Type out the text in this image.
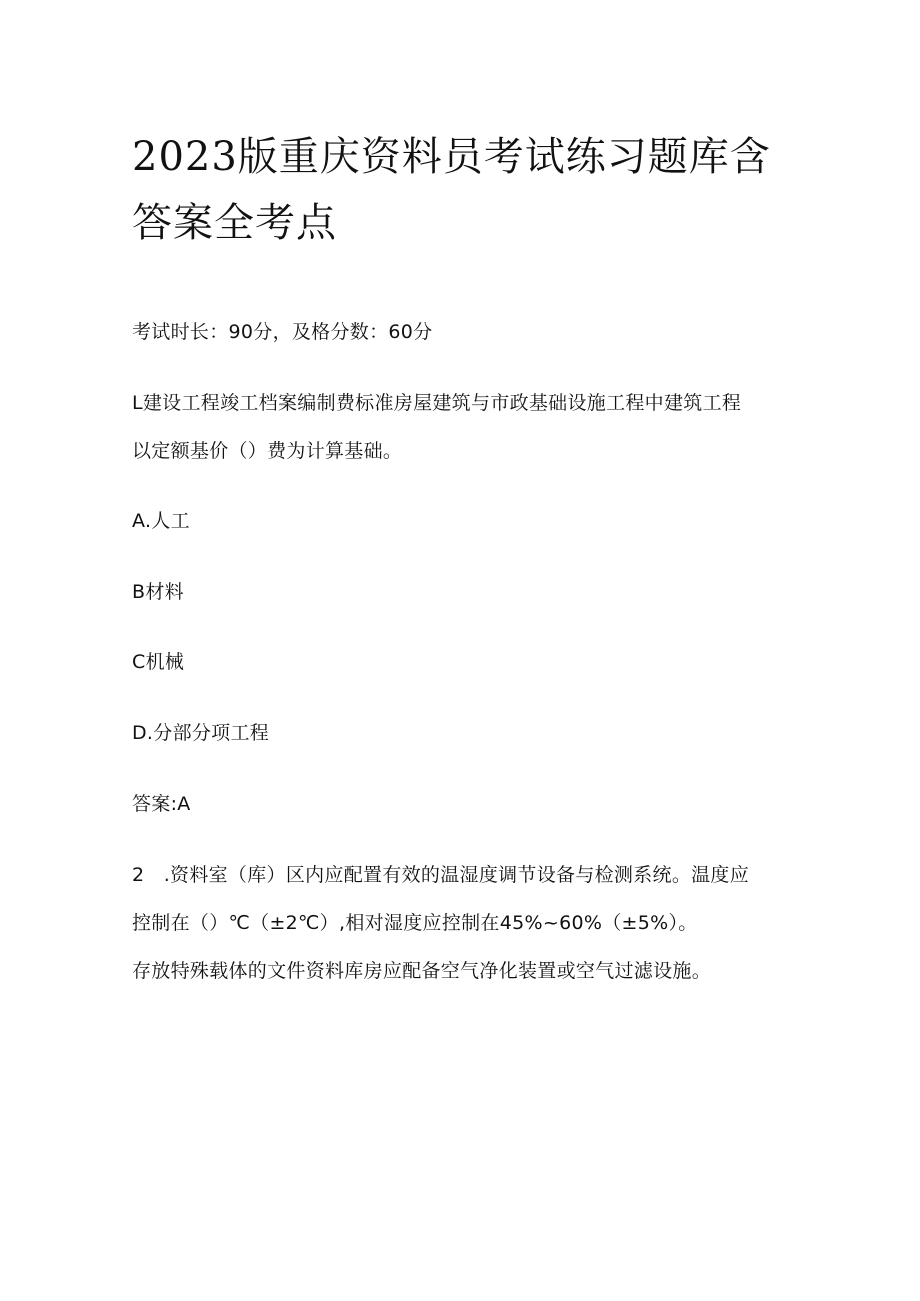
2023版重庆资料员考试练习题库含
答案全考点
考试时长：90分，及格分数：60分
L建设工程竣工档案编制费标准房屋建筑与市政基础设施工程中建筑工程
以定额基价（）费为计算基础。
A.人工
B材料
C机械
D.分部分项工程
答案:A
2　.资料室（库）区内应配置有效的温湿度调节设备与检测系统。温度应
控制在（）℃（±2℃）,相对湿度应控制在45%~60%（±5%）。
存放特殊载体的文件资料库房应配备空气净化装置或空气过滤设施。
